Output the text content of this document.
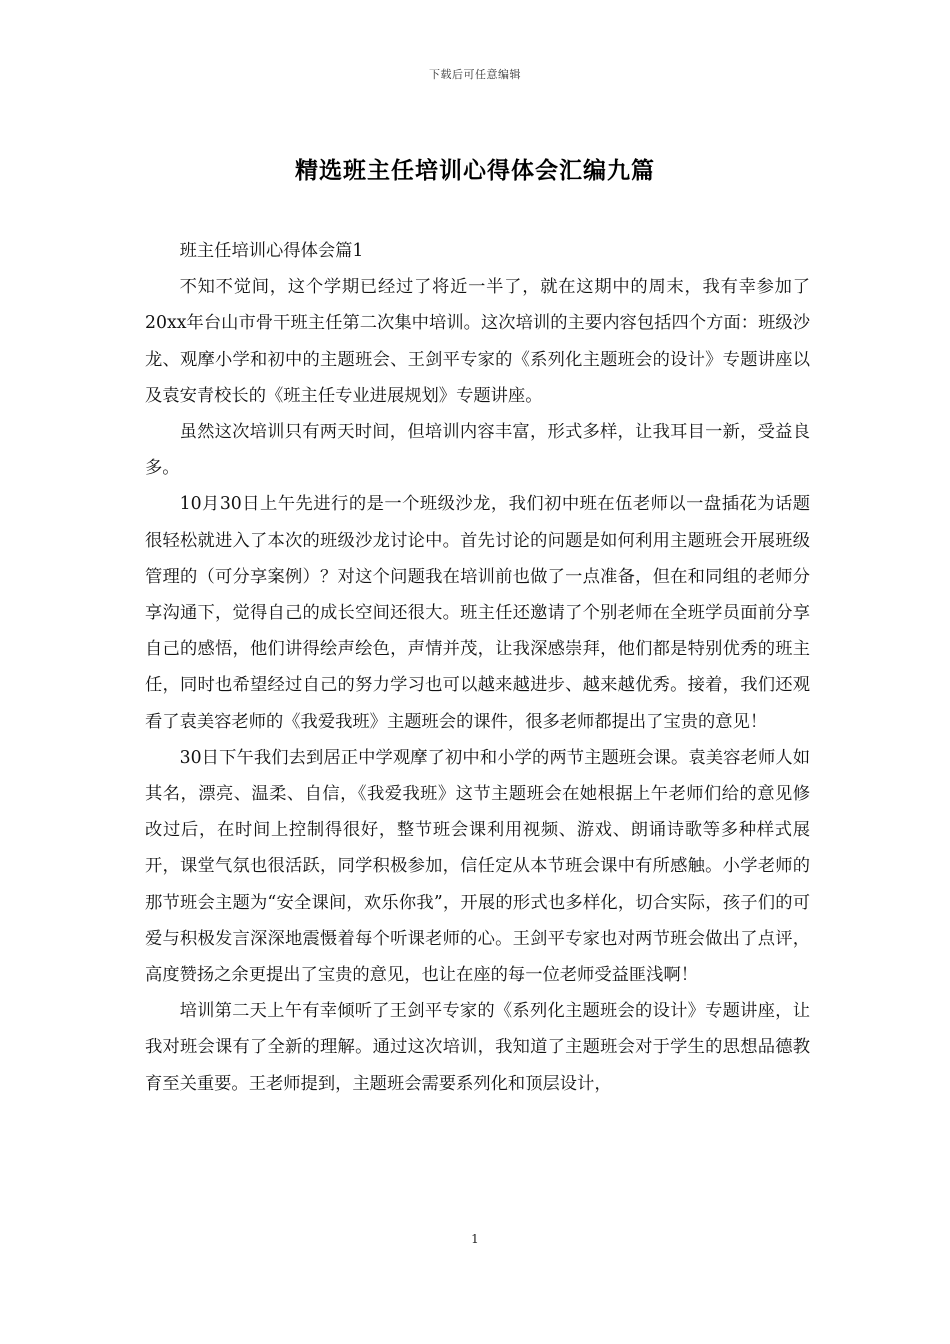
下载后可任意编辑
精选班主任培训心得体会汇编九篇

班主任培训心得体会篇1

不知不觉间，这个学期已经过了将近一半了，就在这期中的周末，我有幸参加了20xx年台山市骨干班主任第二次集中培训。这次培训的主要内容包括四个方面：班级沙龙、观摩小学和初中的主题班会、王剑平专家的《系列化主题班会的设计》专题讲座以及袁安青校长的《班主任专业进展规划》专题讲座。

虽然这次培训只有两天时间，但培训内容丰富，形式多样，让我耳目一新，受益良多。

10月30日上午先进行的是一个班级沙龙，我们初中班在伍老师以一盘插花为话题很轻松就进入了本次的班级沙龙讨论中。首先讨论的问题是如何利用主题班会开展班级管理的（可分享案例）？对这个问题我在培训前也做了一点准备，但在和同组的老师分享沟通下，觉得自己的成长空间还很大。班主任还邀请了个别老师在全班学员面前分享自己的感悟，他们讲得绘声绘色，声情并茂，让我深感崇拜，他们都是特别优秀的班主任，同时也希望经过自己的努力学习也可以越来越进步、越来越优秀。接着，我们还观看了袁美容老师的《我爱我班》主题班会的课件，很多老师都提出了宝贵的意见！

30日下午我们去到居正中学观摩了初中和小学的两节主题班会课。袁美容老师人如其名，漂亮、温柔、自信，《我爱我班》这节主题班会在她根据上午老师们给的意见修改过后，在时间上控制得很好，整节班会课利用视频、游戏、朗诵诗歌等多种样式展开，课堂气氛也很活跃，同学积极参加，信任定从本节班会课中有所感触。小学老师的那节班会主题为“安全课间，欢乐你我”，开展的形式也多样化，切合实际，孩子们的可爱与积极发言深深地震慑着每个听课老师的心。王剑平专家也对两节班会做出了点评，高度赞扬之余更提出了宝贵的意见，也让在座的每一位老师受益匪浅啊！

培训第二天上午有幸倾听了王剑平专家的《系列化主题班会的设计》专题讲座，让我对班会课有了全新的理解。通过这次培训，我知道了主题班会对于学生的思想品德教育至关重要。王老师提到，主题班会需要系列化和顶层设计，

1
